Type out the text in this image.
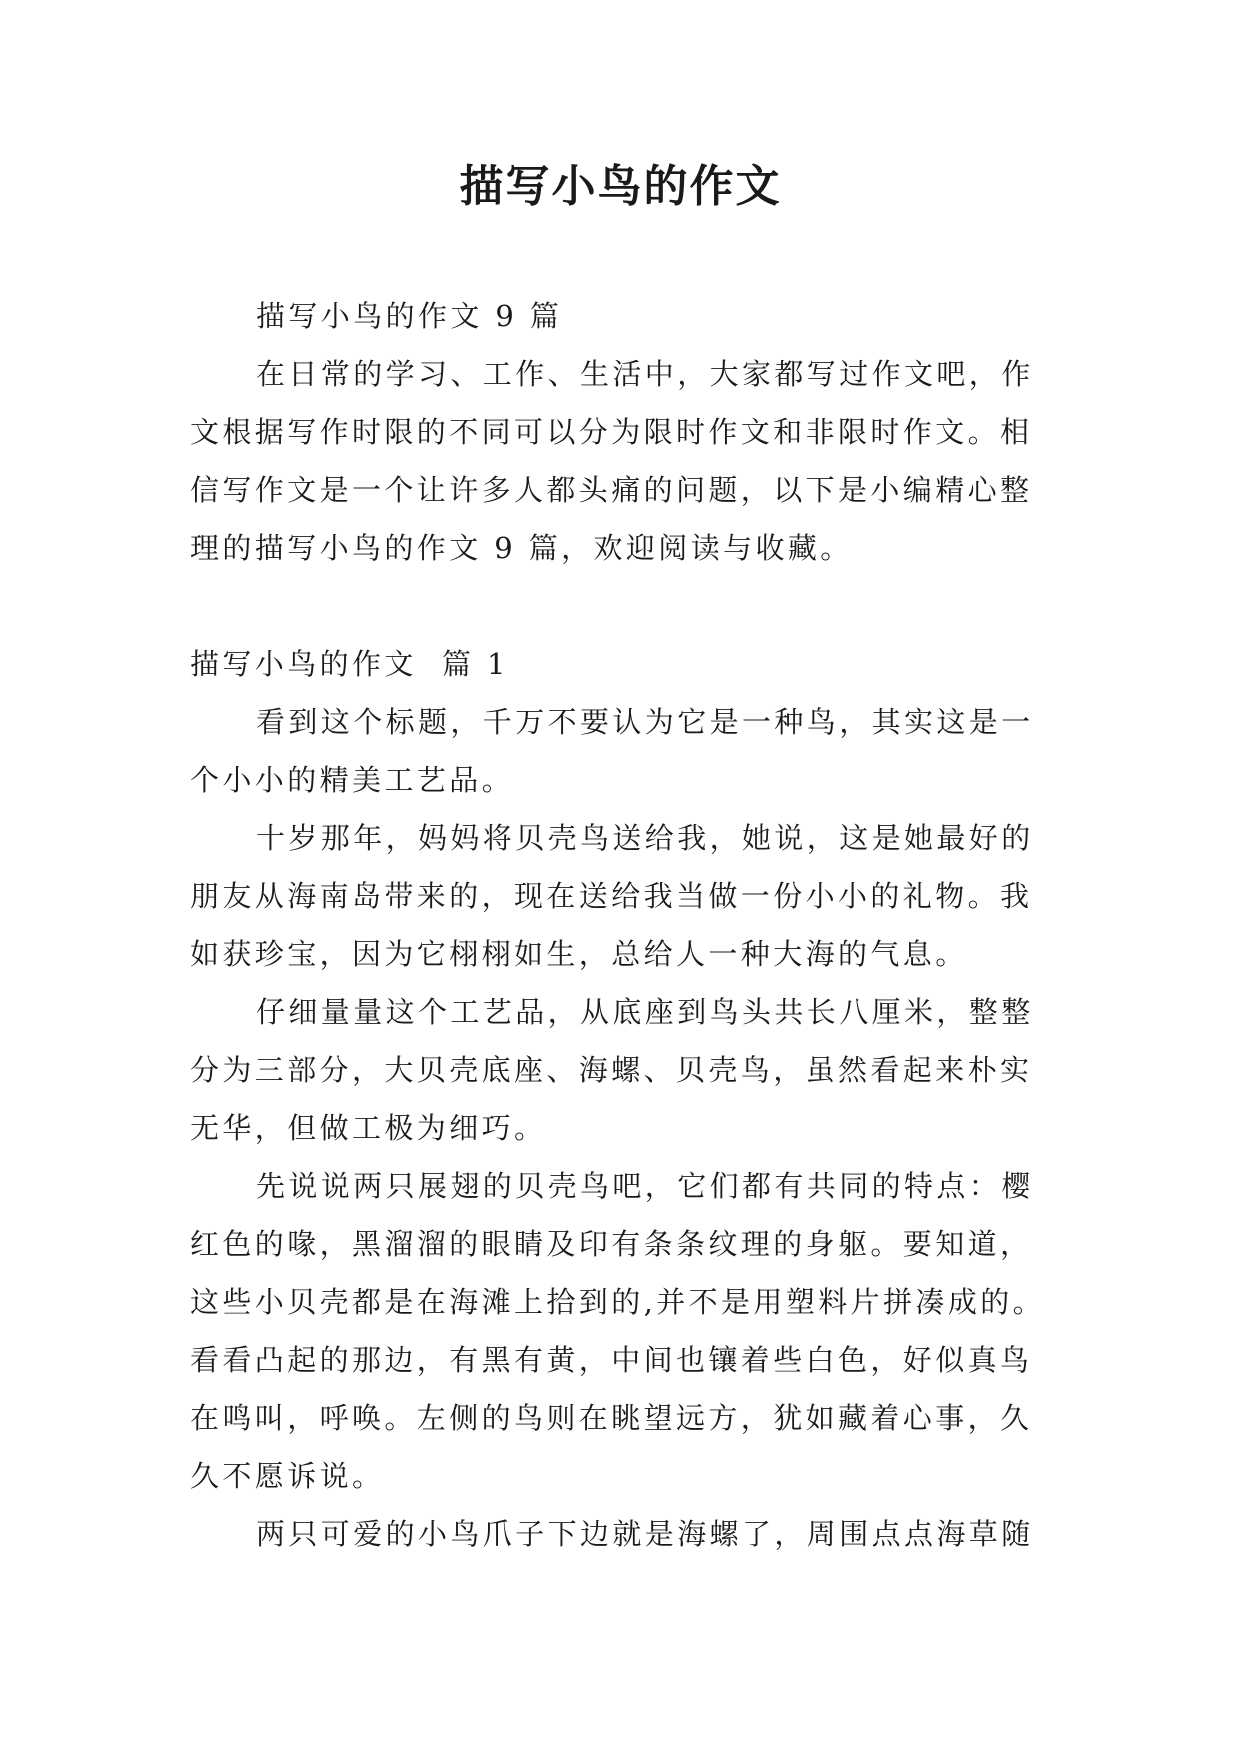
描写小鸟的作文

描写小鸟的作文 9 篇

在日常的学习、工作、生活中，大家都写过作文吧，作文根据写作时限的不同可以分为限时作文和非限时作文。相信写作文是一个让许多人都头痛的问题，以下是小编精心整理的描写小鸟的作文 9 篇，欢迎阅读与收藏。

描写小鸟的作文  篇 1

看到这个标题，千万不要认为它是一种鸟，其实这是一个小小的精美工艺品。

十岁那年，妈妈将贝壳鸟送给我，她说，这是她最好的朋友从海南岛带来的，现在送给我当做一份小小的礼物。我如获珍宝，因为它栩栩如生，总给人一种大海的气息。

仔细量量这个工艺品，从底座到鸟头共长八厘米，整整分为三部分，大贝壳底座、海螺、贝壳鸟，虽然看起来朴实无华，但做工极为细巧。

先说说两只展翅的贝壳鸟吧，它们都有共同的特点：樱红色的喙，黑溜溜的眼睛及印有条条纹理的身躯。要知道，这些小贝壳都是在海滩上拾到的,并不是用塑料片拼凑成的。看看凸起的那边，有黑有黄，中间也镶着些白色，好似真鸟在鸣叫，呼唤。左侧的鸟则在眺望远方，犹如藏着心事，久久不愿诉说。

两只可爱的小鸟爪子下边就是海螺了，周围点点海草随
